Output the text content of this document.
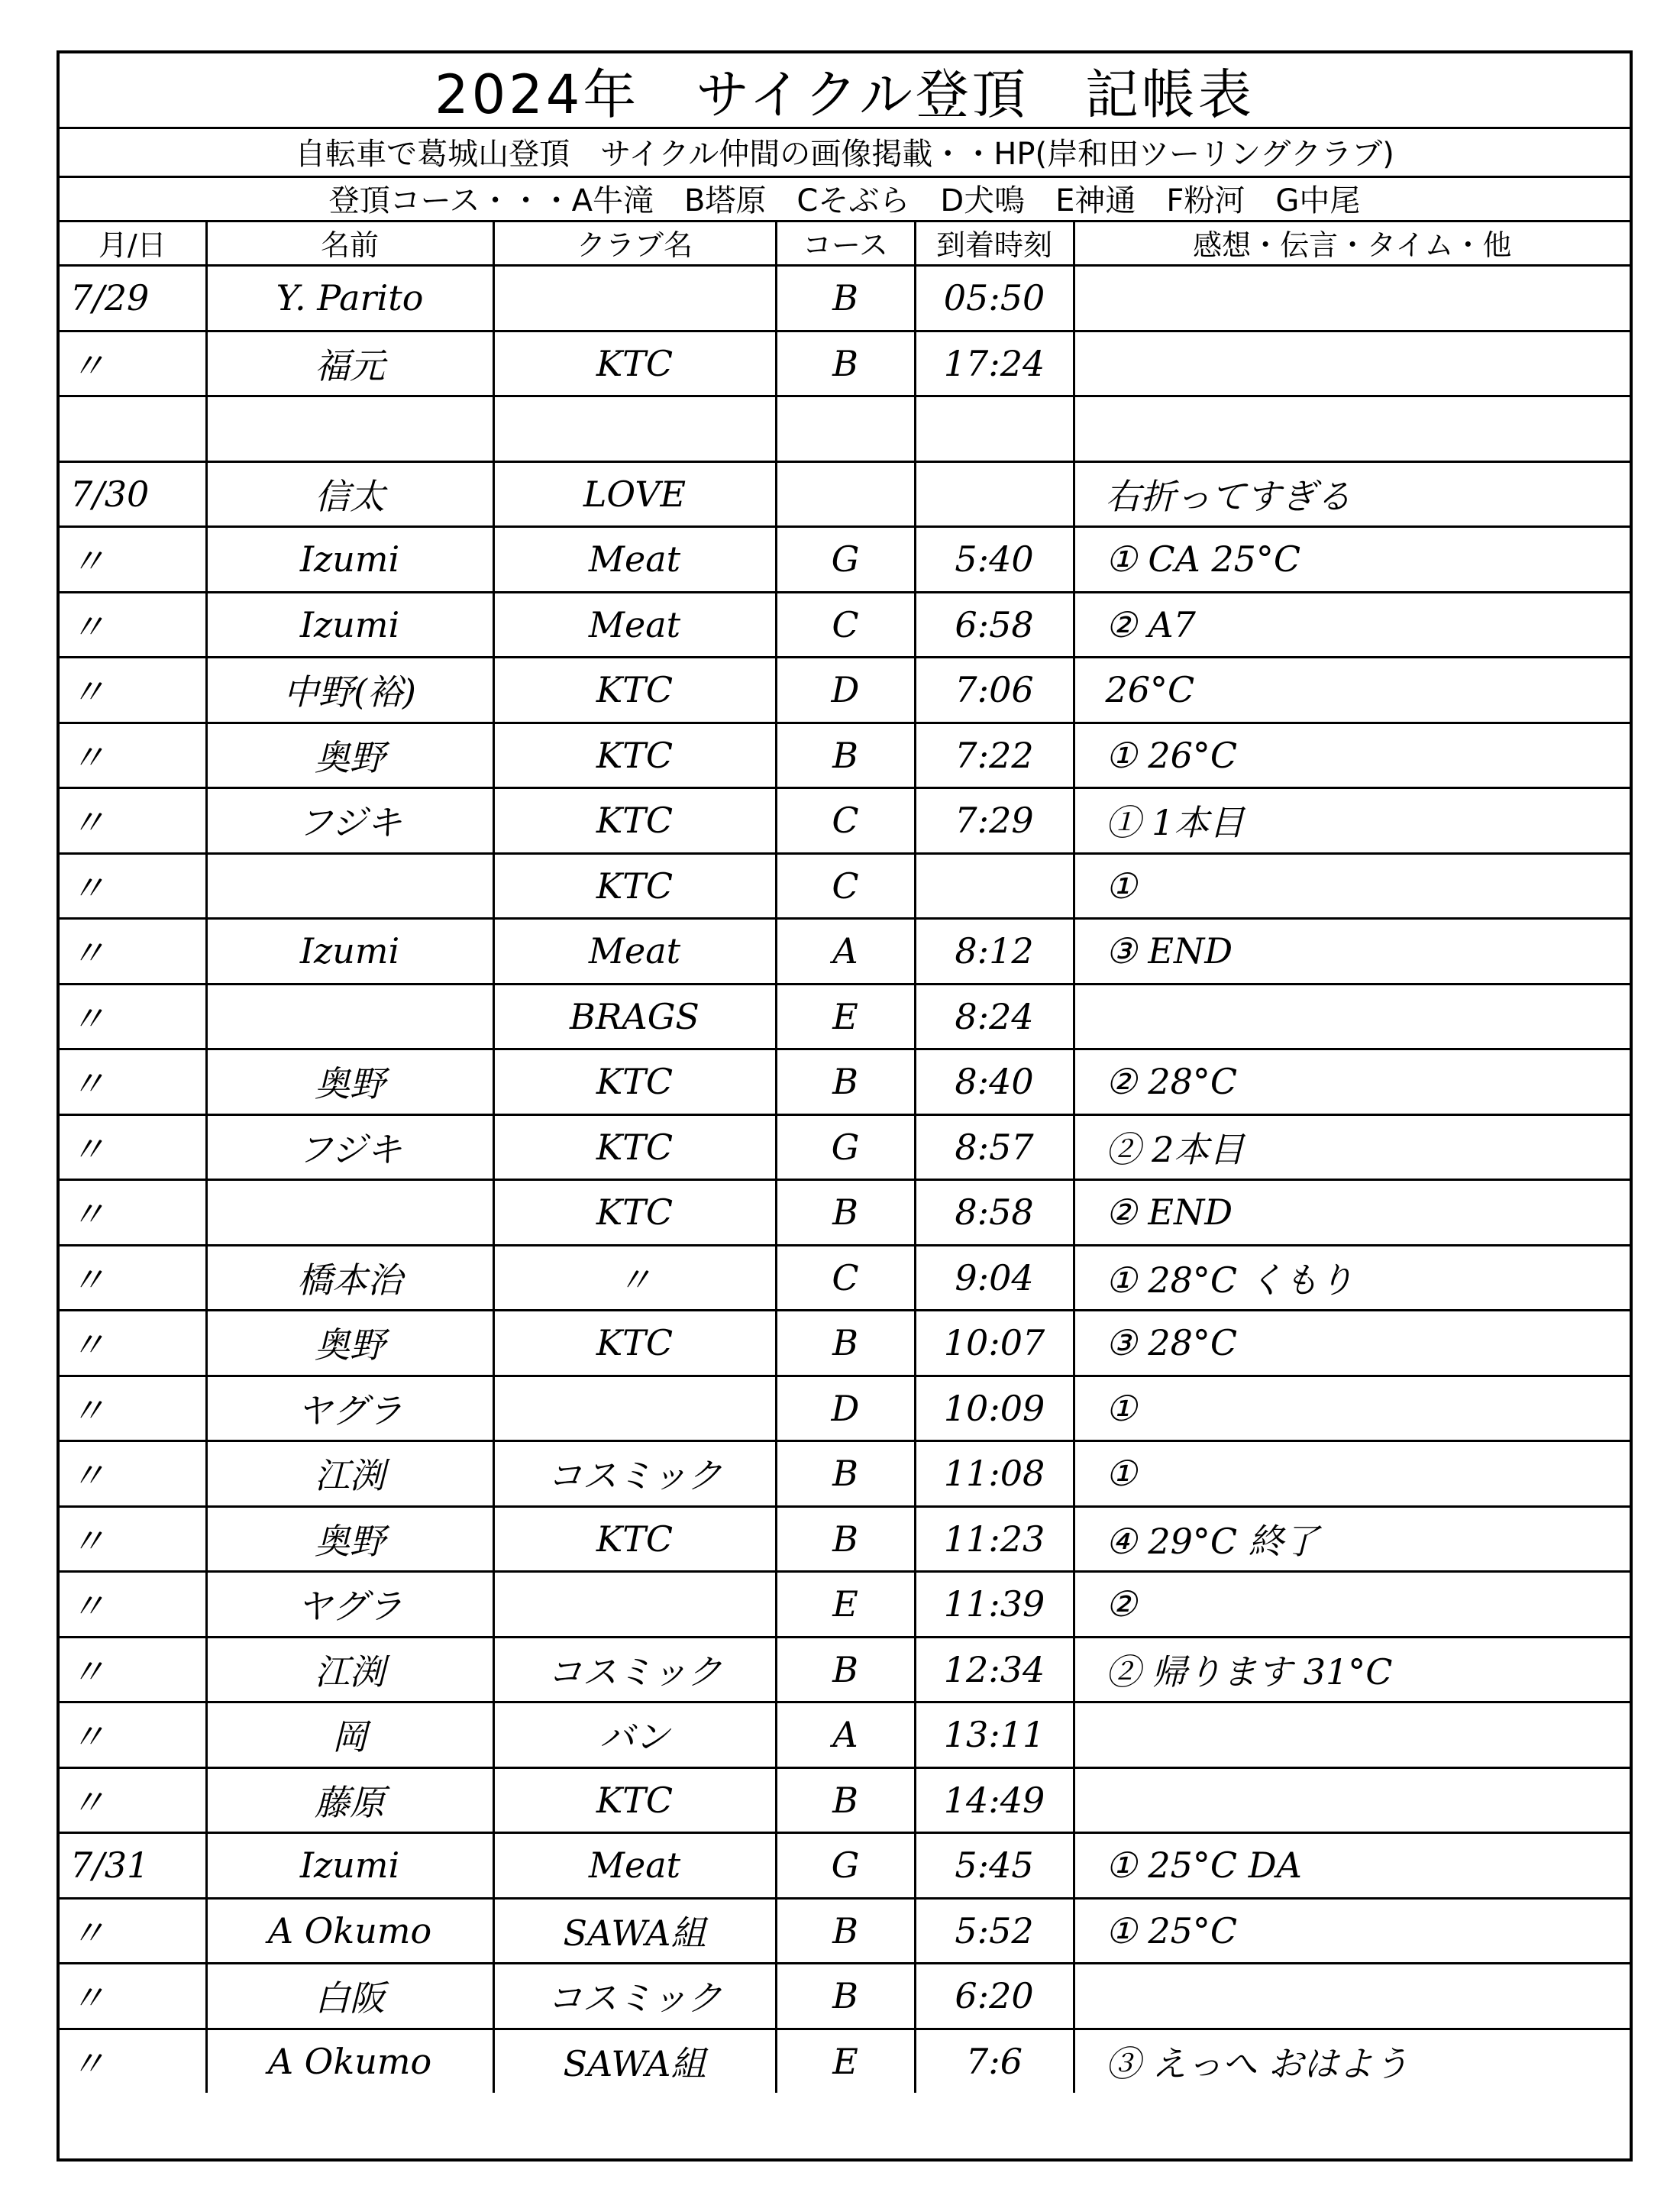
2024年　サイクル登頂　記帳表
自転車で葛城山登頂　サイクル仲間の画像掲載・・HP(岸和田ツーリングクラブ)
登頂コース・・・A牛滝　B塔原　Cそぶら　D犬鳴　E神通　F粉河　G中尾
月/日	名前	クラブ名	コース	到着時刻	感想・伝言・タイム・他
7/29	Y. Parito		B	05:50	
〃	福元	KTC	B	17:24	

7/30	信太	LOVE			右折ってすぎる
〃	Izumi	Meat	G	5:40	① CA 25°C
〃	Izumi	Meat	C	6:58	② A7
〃	中野(裕)	KTC	D	7:06	26°C
〃	奥野	KTC	B	7:22	① 26°C
〃	フジキ	KTC	C	7:29	① 1本目
〃		KTC	C		①
〃	Izumi	Meat	A	8:12	③ END
〃		BRAGS	E	8:24	
〃	奥野	KTC	B	8:40	② 28°C
〃	フジキ	KTC	G	8:57	② 2本目
〃		KTC	B	8:58	② END
〃	橋本治	〃	C	9:04	① 28°C くもり
〃	奥野	KTC	B	10:07	③ 28°C
〃	ヤグラ		D	10:09	①
〃	江渕	コスミック	B	11:08	①
〃	奥野	KTC	B	11:23	④ 29°C 終了
〃	ヤグラ		E	11:39	②
〃	江渕	コスミック	B	12:34	② 帰ります 31°C
〃	岡	バン	A	13:11	
〃	藤原	KTC	B	14:49	
7/31	Izumi	Meat	G	5:45	① 25°C DA
〃	A Okumo	SAWA組	B	5:52	① 25°C
〃	白阪	コスミック	B	6:20	
〃	A Okumo	SAWA組	E	7:6	③ えっへ おはよう
